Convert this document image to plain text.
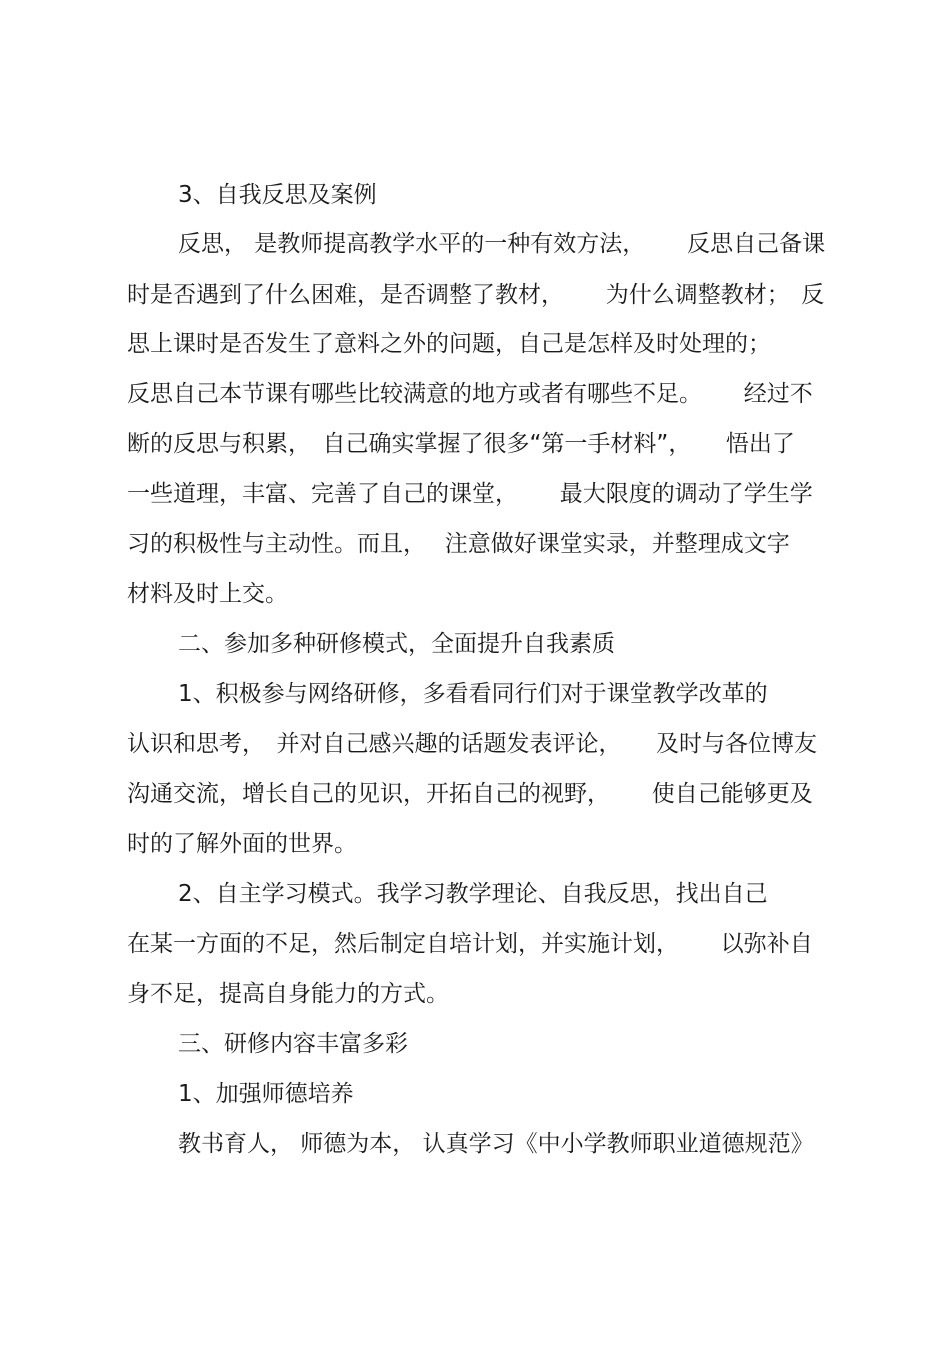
3、自我反思及案例
反思， 是教师提高教学水平的一种有效方法，　　 反思自己备课
时是否遇到了什么困难，是否调整了教材，　　 为什么调整教材；　反
思上课时是否发生了意料之外的问题，自己是怎样及时处理的；
反思自己本节课有哪些比较满意的地方或者有哪些不足。　　 经过不
断的反思与积累，　自己确实掌握了很多“第一手材料”，　　悟出了
一些道理，丰富、完善了自己的课堂，　　 最大限度的调动了学生学
习的积极性与主动性。而且，　 注意做好课堂实录，并整理成文字
材料及时上交。
二、参加多种研修模式，全面提升自我素质
1、积极参与网络研修，多看看同行们对于课堂教学改革的
认识和思考，　并对自己感兴趣的话题发表评论，　　及时与各位博友
沟通交流，增长自己的见识，开拓自己的视野，　　 使自己能够更及
时的了解外面的世界。
2、自主学习模式。我学习教学理论、自我反思，找出自己
在某一方面的不足，然后制定自培计划，并实施计划，　　 以弥补自
身不足，提高自身能力的方式。
三、研修内容丰富多彩
1、加强师德培养
教书育人， 师德为本， 认真学习《中小学教师职业道德规范》
